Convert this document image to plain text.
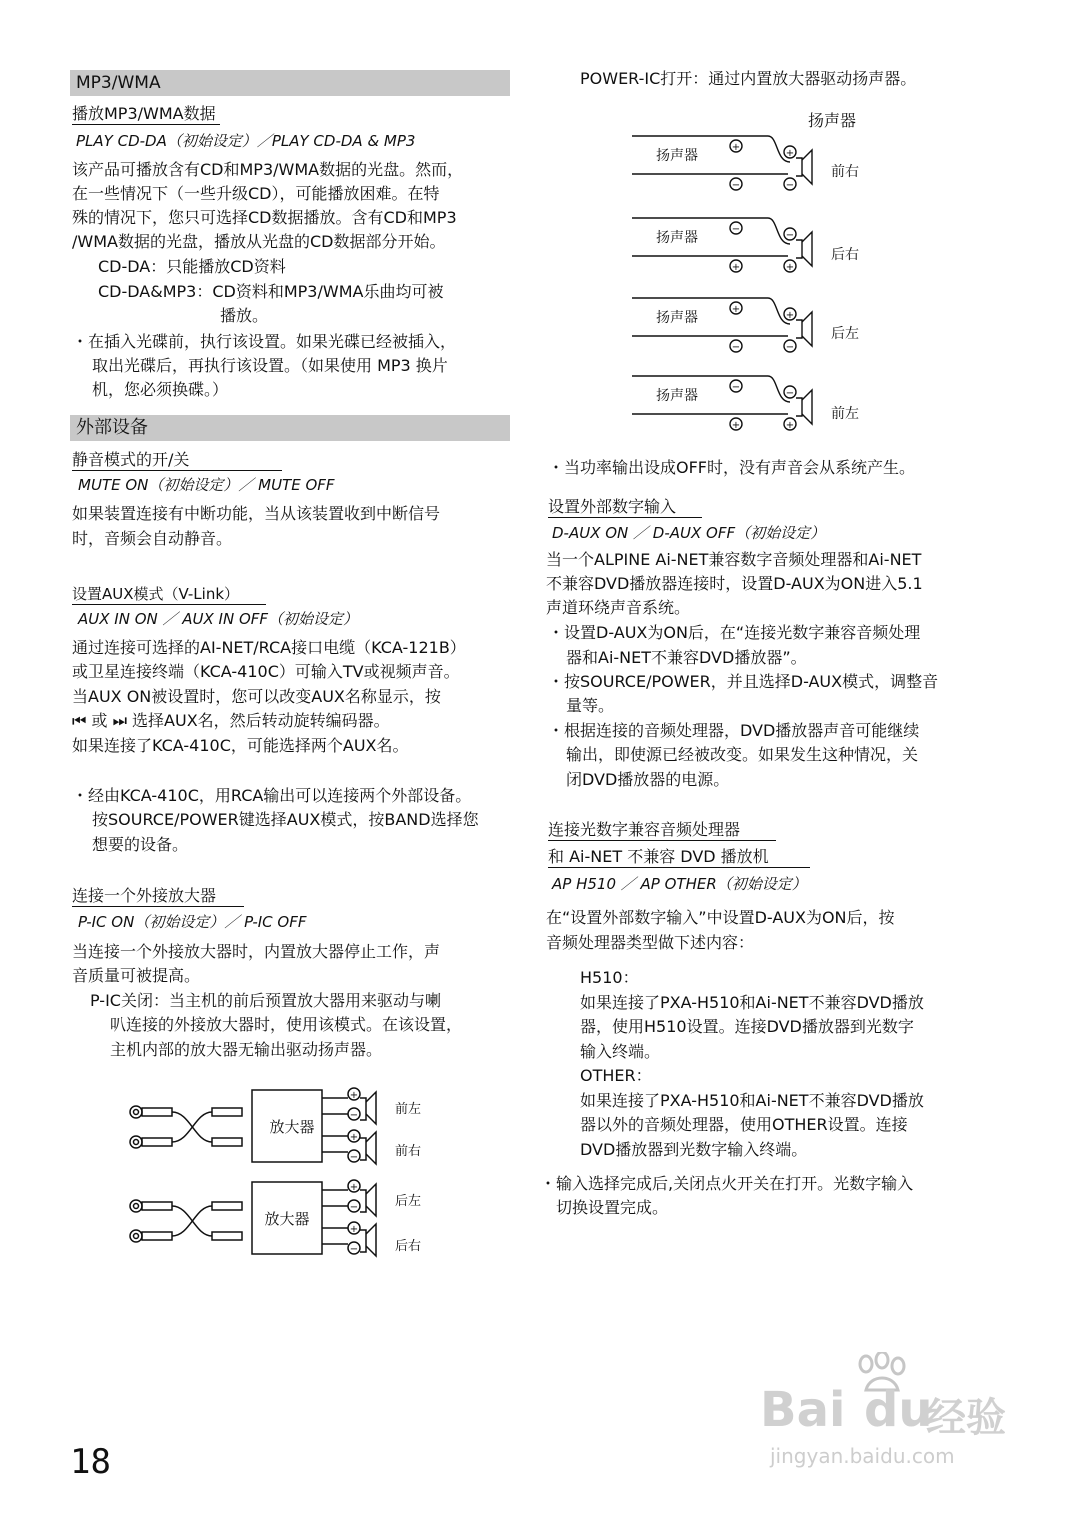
MP3/WMA
播放MP3/WMA数据
PLAY CD-DA（初始设定）／PLAY CD-DA & MP3
该产品可播放含有CD和MP3/WMA数据的光盘。然而，
在一些情况下（一些升级CD），可能播放困难。在特
殊的情况下，您只可选择CD数据播放。含有CD和MP3
/WMA数据的光盘，播放从光盘的CD数据部分开始。
CD-DA：只能播放CD资料
CD-DA&MP3：CD资料和MP3/WMA乐曲均可被
播放。
・在插入光碟前，执行该设置。如果光碟已经被插入，
取出光碟后，再执行该设置。（如果使用 MP3 换片
机，您必须换碟。）
外部设备
静音模式的开/关
MUTE ON（初始设定）／ MUTE OFF
如果装置连接有中断功能，当从该装置收到中断信号
时，音频会自动静音。
设置AUX模式（V-Link）
AUX IN ON ／ AUX IN OFF（初始设定）
通过连接可选择的AI-NET/RCA接口电缆（KCA-121B）
或卫星连接终端（KCA-410C）可输入TV或视频声音。
当AUX ON被设置时，您可以改变AUX名称显示，按
⏮ 或 ⏭ 选择AUX名，然后转动旋转编码器。
如果连接了KCA-410C，可能选择两个AUX名。
・经由KCA-410C，用RCA输出可以连接两个外部设备。
按SOURCE/POWER键选择AUX模式，按BAND选择您
想要的设备。
连接一个外接放大器
P-IC ON（初始设定）／ P-IC OFF
当连接一个外接放大器时，内置放大器停止工作，声
音质量可被提高。
P-IC关闭：当主机的前后预置放大器用来驱动与喇
叭连接的外接放大器时，使用该模式。在该设置，
主机内部的放大器无输出驱动扬声器。
+
−
+
−
+
−
+
−
放大器
放大器
前左
前右
后左
后右
18
POWER-IC打开：通过内置放大器驱动扬声器。
扬声器
+
−
+
−
−
+
−
+
+
−
+
−
−
+
−
+
扬声器
扬声器
扬声器
扬声器
前右
后右
后左
前左
・当功率输出设成OFF时，没有声音会从系统产生。
设置外部数字输入
D-AUX ON ／ D-AUX OFF（初始设定）
当一个ALPINE Ai-NET兼容数字音频处理器和Ai-NET
不兼容DVD播放器连接时，设置D-AUX为ON进入5.1
声道环绕声音系统。
・设置D-AUX为ON后，在“连接光数字兼容音频处理
器和Ai-NET不兼容DVD播放器”。
・按SOURCE/POWER，并且选择D-AUX模式，调整音
量等。
・根据连接的音频处理器，DVD播放器声音可能继续
输出，即使源已经被改变。如果发生这种情况，关
闭DVD播放器的电源。
连接光数字兼容音频处理器
和 Ai-NET 不兼容 DVD 播放机
AP H510 ／ AP OTHER（初始设定）
在“设置外部数字输入”中设置D-AUX为ON后，按
音频处理器类型做下述内容：
H510：
如果连接了PXA-H510和Ai-NET不兼容DVD播放
器，使用H510设置。连接DVD播放器到光数字
输入终端。
OTHER：
如果连接了PXA-H510和Ai-NET不兼容DVD播放
器以外的音频处理器，使用OTHER设置。连接
DVD播放器到光数字输入终端。
・输入选择完成后,关闭点火开关在打开。光数字输入
切换设置完成。
Bai du
经验
jingyan.baidu.com
